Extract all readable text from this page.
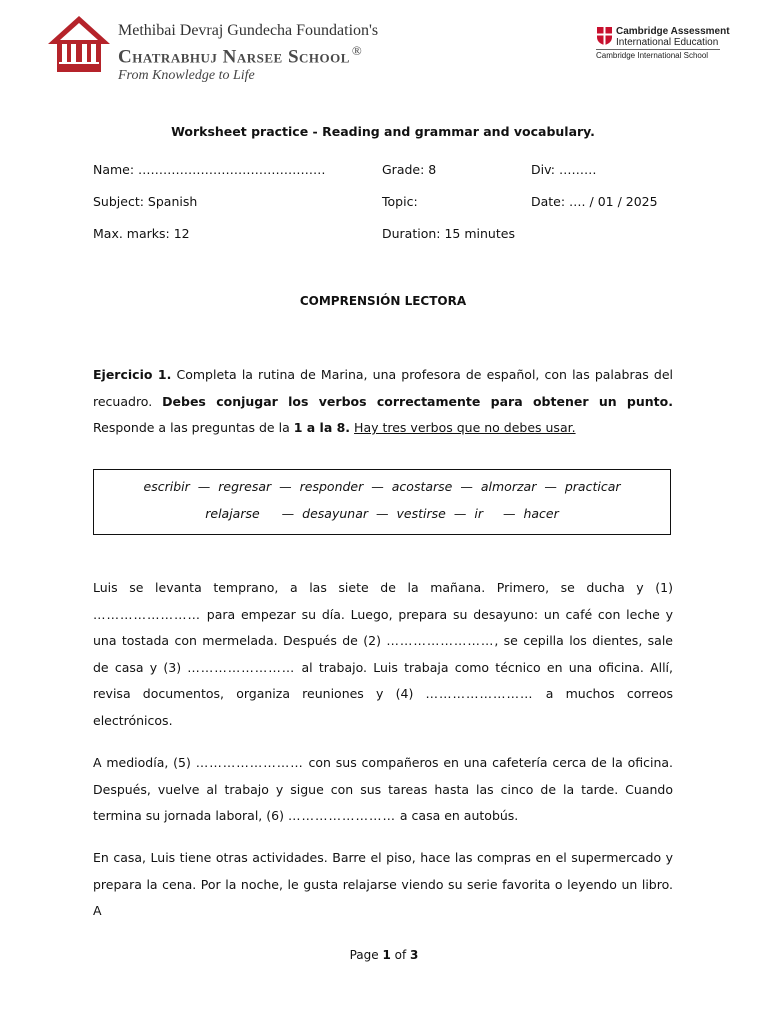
Methibai Devraj Gundecha Foundation's
Chatrabhuj Narsee School ®
From Knowledge to Life
Cambridge Assessment
International Education
Cambridge International School
Worksheet practice - Reading and grammar and vocabulary.
Name: ………………………………………	Grade: 8	Div: ………
Subject: Spanish	Topic:	Date: …. / 01 / 2025
Max. marks: 12	Duration: 15 minutes
COMPRENSIÓN LECTORA

Ejercicio 1. Completa la rutina de Marina, una profesora de español, con las palabras del recuadro. Debes conjugar los verbos correctamente para obtener un punto. Responde a las preguntas de la 1 a la 8. Hay tres verbos que no debes usar.

escribir — regresar — responder — acostarse — almorzar — practicar
relajarse — desayunar — vestirse — ir — hacer

Luis se levanta temprano, a las siete de la mañana. Primero, se ducha y (1) …………………… para empezar su día. Luego, prepara su desayuno: un café con leche y una tostada con mermelada. Después de (2) ……………………, se cepilla los dientes, sale de casa y (3) …………………… al trabajo. Luis trabaja como técnico en una oficina. Allí, revisa documentos, organiza reuniones y (4) …………………… a muchos correos electrónicos.

A mediodía, (5) …………………… con sus compañeros en una cafetería cerca de la oficina. Después, vuelve al trabajo y sigue con sus tareas hasta las cinco de la tarde. Cuando termina su jornada laboral, (6) …………………… a casa en autobús.

En casa, Luis tiene otras actividades. Barre el piso, hace las compras en el supermercado y prepara la cena. Por la noche, le gusta relajarse viendo su serie favorita o leyendo un libro. A

Page 1 of 3
